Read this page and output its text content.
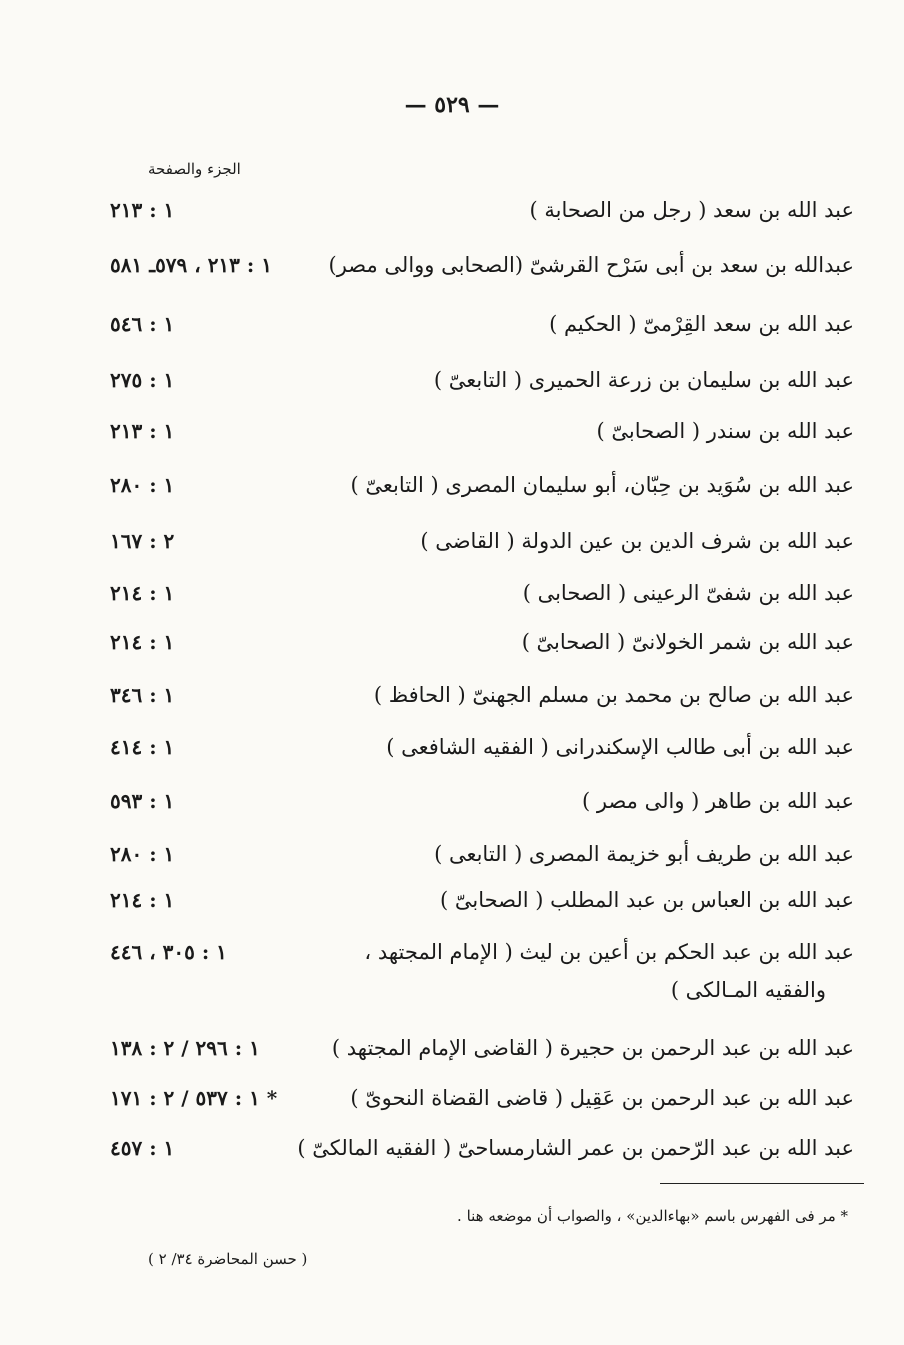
— ٥٢٩ —
الجزء والصفحة
١ : ٢١٣	عبد الله بن سعد ( رجل من الصحابة )
١ : ٢١٣ ، ٥٧٩ـ ٥٨١	عبدالله بن سعد بن أبى سَرْح القرشىّ (الصحابى ووالى مصر)
١ : ٥٤٦	عبد الله بن سعد القِرْمىّ ( الحكيم )
١ : ٢٧٥	عبد الله بن سليمان بن زرعة الحميرى ( التابعىّ )
١ : ٢١٣	عبد الله بن سندر ( الصحابىّ )
١ : ٢٨٠	عبد الله بن سُوَيد بن حِبّان، أبو سليمان المصرى ( التابعىّ )
٢ : ١٦٧	عبد الله بن شرف الدين بن عين الدولة ( القاضى )
١ : ٢١٤	عبد الله بن شفىّ الرعينى ( الصحابى )
١ : ٢١٤	عبد الله بن شمر الخولانىّ ( الصحابىّ )
١ : ٣٤٦	عبد الله بن صالح بن محمد بن مسلم الجهنىّ ( الحافظ )
١ : ٤١٤	عبد الله بن أبى طالب الإسكندرانى ( الفقيه الشافعى )
١ : ٥٩٣	عبد الله بن طاهر ( والى مصر )
١ : ٢٨٠	عبد الله بن طريف أبو خزيمة المصرى ( التابعى )
١ : ٢١٤	عبد الله بن العباس بن عبد المطلب ( الصحابىّ )
١ : ٣٠٥ ، ٤٤٦	عبد الله بن عبد الحكم بن أعين بن ليث ( الإمام المجتهد ،
والفقيه المـالكى )
١ : ٢٩٦ / ٢ : ١٣٨	عبد الله بن عبد الرحمن بن حجيرة ( القاضى الإمام المجتهد )
* ١ : ٥٣٧ / ٢ : ١٧١	عبد الله بن عبد الرحمن بن عَقِيل ( قاضى القضاة النحوىّ )
١ : ٤٥٧	عبد الله بن عبد الرّحمن بن عمر الشارمساحىّ ( الفقيه المالكىّ )
* مر فى الفهرس باسم «بهاءالدين» ، والصواب أن موضعه هنا .
( حسن المحاضرة ٣٤/ ٢ )
